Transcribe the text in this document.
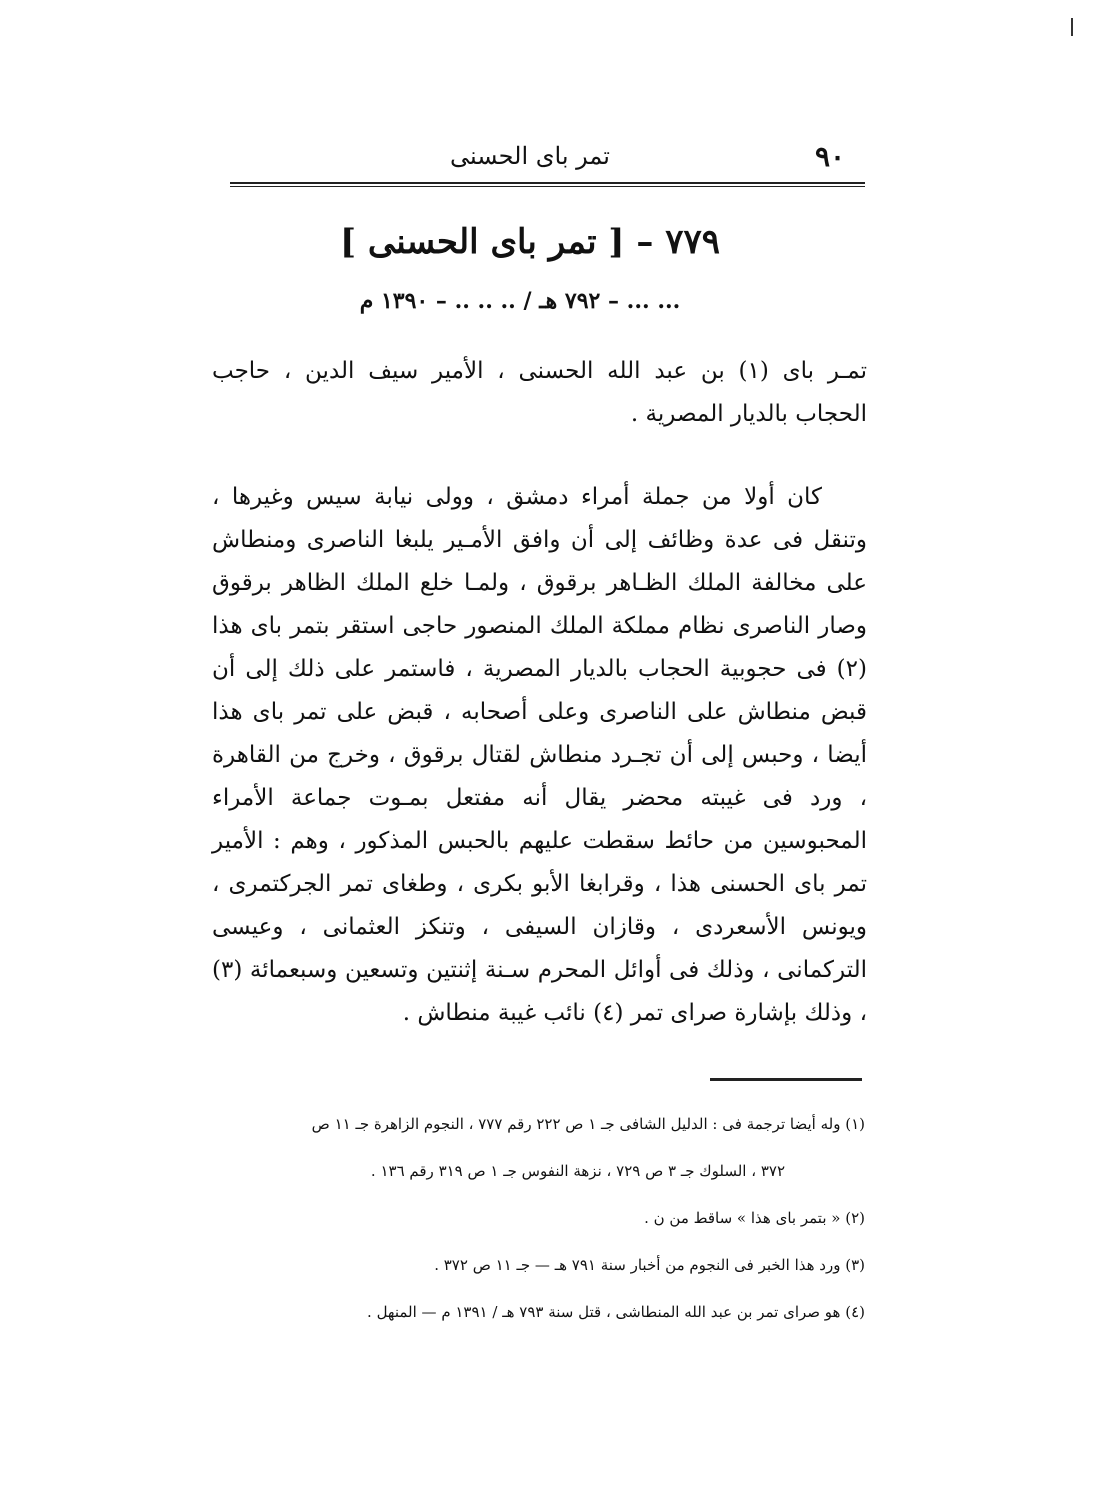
٩٠
تمر باى الحسنى
٧٧٩ – [ تمر باى الحسنى ]
... ... – ٧٩٢ هـ / .. .. .. – ١٣٩٠ م

تمـر باى (١) بن عبد الله الحسنى ، الأمير سيف الدين ، حاجب الحجاب بالديار المصرية .

كان أولا من جملة أمراء دمشق ، وولى نيابة سيس وغيرها ، وتنقل فى عدة وظائف إلى أن وافق الأمـير يلبغا الناصرى ومنطاش على مخالفة الملك الظـاهر برقوق ، ولمـا خلع الملك الظاهر برقوق وصار الناصرى نظام مملكة الملك المنصور حاجى استقر بتمر باى هذا (٢) فى حجوبية الحجاب بالديار المصرية ، فاستمر على ذلك إلى أن قبض منطاش على الناصرى وعلى أصحابه ، قبض على تمر باى هذا أيضا ، وحبس إلى أن تجـرد منطاش لقتال برقوق ، وخرج من القاهرة ، ورد فى غيبته محضر يقال أنه مفتعل بمـوت جماعة الأمراء المحبوسين من حائط سقطت عليهم بالحبس المذكور ، وهم : الأمير تمر باى الحسنى هذا ، وقرابغا الأبو بكرى ، وطغاى تمر الجركتمرى ، ويونس الأسعردى ، وقازان السيفى ، وتنكز العثمانى ، وعيسى التركمانى ، وذلك فى أوائل المحرم سـنة إثنتين وتسعين وسبعمائة (٣) ، وذلك بإشارة صراى تمر (٤) نائب غيبة منطاش .

(١) وله أيضا ترجمة فى : الدليل الشافى جـ ١ ص ٢٢٢ رقم ٧٧٧ ، النجوم الزاهرة جـ ١١ ص

٣٧٢ ، السلوك جـ ٣ ص ٧٢٩ ، نزهة النفوس جـ ١ ص ٣١٩ رقم ١٣٦ .

(٢) « بتمر باى هذا » ساقط من ن .

(٣) ورد هذا الخبر فى النجوم من أخبار سنة ٧٩١ هـ — جـ ١١ ص ٣٧٢ .

(٤) هو صراى تمر بن عبد الله المنطاشى ، قتل سنة ٧٩٣ هـ / ١٣٩١ م — المنهل .
